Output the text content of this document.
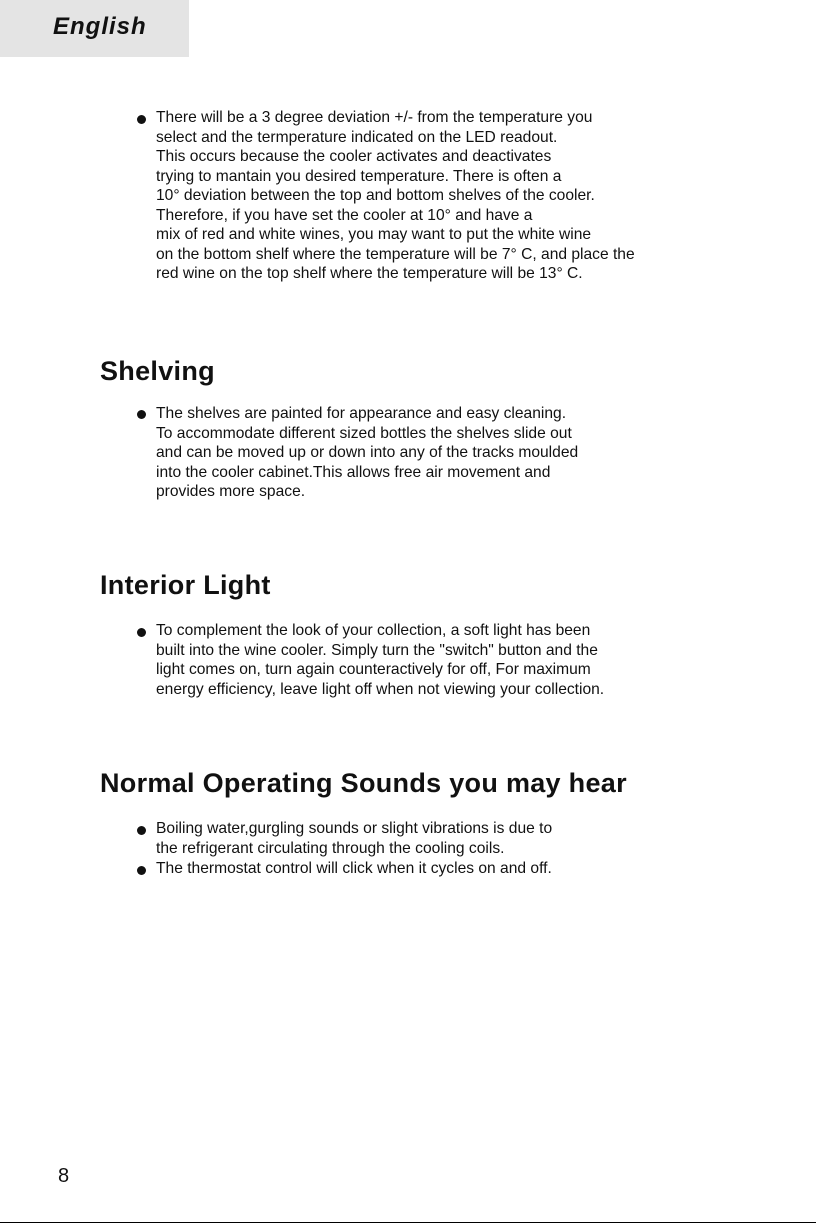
English

There will be a 3 degree deviation +/- from the temperature you
select and the termperature indicated on the LED readout.
This occurs because the cooler activates and deactivates
trying to mantain you desired temperature. There is often a
10° deviation between the top and bottom shelves of the cooler.
Therefore, if you have set the cooler at 10° and have a
mix of red and white wines, you may want to put the white wine
on the bottom shelf where the temperature will be 7° C, and place the
red wine on the top shelf where the temperature will be 13° C.

Shelving

The shelves are painted for appearance and easy cleaning.
To accommodate different sized bottles the shelves slide out
and can be moved up or down into any of the tracks moulded
into the cooler cabinet.This allows free air movement and
provides more space.

Interior Light

To complement the look of your collection, a soft light has been
built into the wine cooler. Simply turn the "switch" button and the
light comes on, turn again counteractively for off, For maximum
energy efficiency, leave light off when not viewing your collection.

Normal Operating Sounds you may hear

Boiling water,gurgling sounds or slight vibrations is due to
the refrigerant circulating through the cooling coils.

The thermostat control will click when it cycles on and off.

8
